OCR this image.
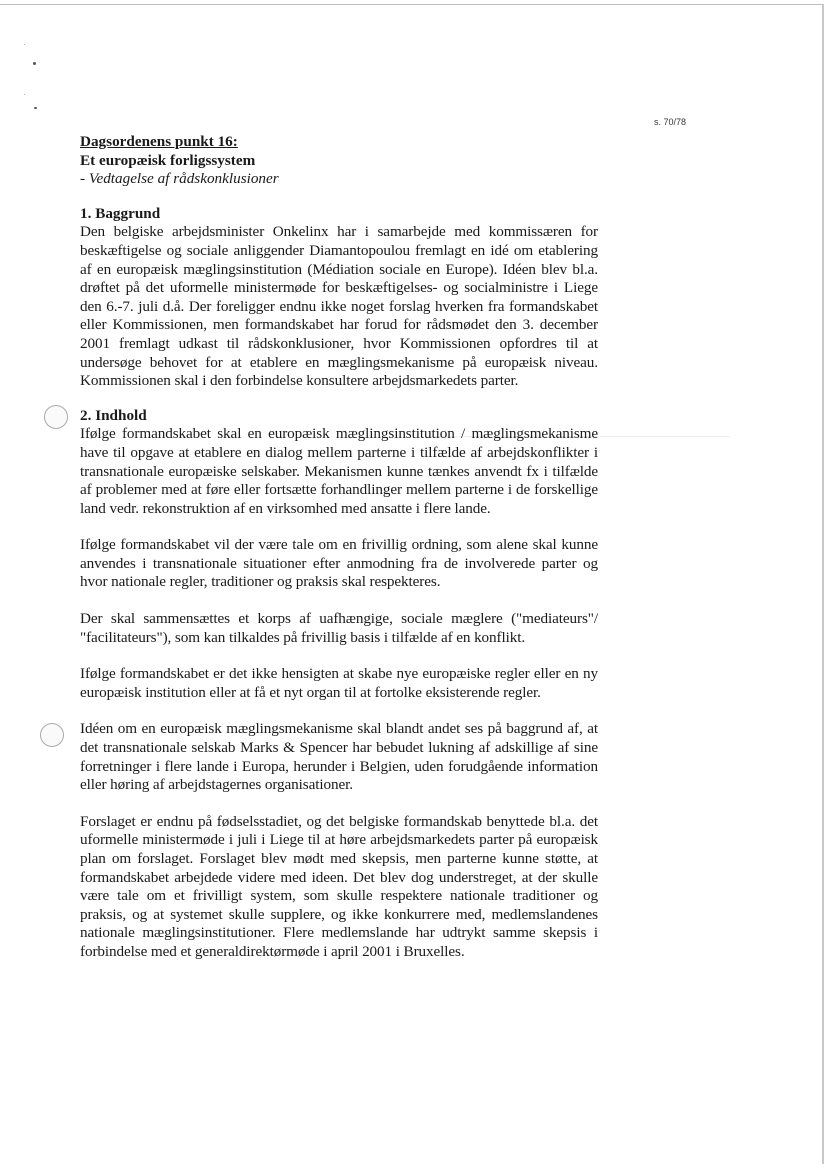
s. 70/78

Dagsordenens punkt 16:

Et europæisk forligssystem

- Vedtagelse af rådskonklusioner

1. Baggrund

Den belgiske arbejdsminister Onkelinx har i samarbejde med kommissæren for beskæftigelse og sociale anliggender Diamantopoulou fremlagt en idé om etablering af en europæisk mæglingsinstitution (Médiation sociale en Europe). Idéen blev bl.a. drøftet på det uformelle ministermøde for beskæftigelses- og socialministre i Liege den 6.-7. juli d.å. Der foreligger endnu ikke noget forslag hverken fra formandskabet eller Kommissionen, men formandskabet har forud for rådsmødet den 3. december 2001 fremlagt udkast til rådskonklusioner, hvor Kommissionen opfordres til at undersøge behovet for at etablere en mæglingsmekanisme på europæisk niveau. Kommissionen skal i den forbindelse konsultere arbejdsmarkedets parter.

2. Indhold

Ifølge formandskabet skal en europæisk mæglingsinstitution / mæglingsmekanisme have til opgave at etablere en dialog mellem parterne i tilfælde af arbejdskonflikter i transnationale europæiske selskaber. Mekanismen kunne tænkes anvendt fx i tilfælde af problemer med at føre eller fortsætte forhandlinger mellem parterne i de forskellige land vedr. rekonstruktion af en virksomhed med ansatte i flere lande.

Ifølge formandskabet vil der være tale om en frivillig ordning, som alene skal kunne anvendes i transnationale situationer efter anmodning fra de involverede parter og hvor nationale regler, traditioner og praksis skal respekteres.

Der skal sammensættes et korps af uafhængige, sociale mæglere ("mediateurs"/ "facilitateurs"), som kan tilkaldes på frivillig basis i tilfælde af en konflikt.

Ifølge formandskabet er det ikke hensigten at skabe nye europæiske regler eller en ny europæisk institution eller at få et nyt organ til at fortolke eksisterende regler.

Idéen om en europæisk mæglingsmekanisme skal blandt andet ses på baggrund af, at det transnationale selskab Marks & Spencer har bebudet lukning af adskillige af sine forretninger i flere lande i Europa, herunder i Belgien, uden forudgående information eller høring af arbejdstagernes organisationer.

Forslaget er endnu på fødselsstadiet, og det belgiske formandskab benyttede bl.a. det uformelle ministermøde i juli i Liege til at høre arbejdsmarkedets parter på europæisk plan om forslaget. Forslaget blev mødt med skepsis, men parterne kunne støtte, at formandskabet arbejdede videre med ideen. Det blev dog understreget, at der skulle være tale om et frivilligt system, som skulle respektere nationale traditioner og praksis, og at systemet skulle supplere, og ikke konkurrere med, medlemslandenes nationale mæglingsinstitutioner. Flere medlemslande har udtrykt samme skepsis i forbindelse med et generaldirektørmøde i april 2001 i Bruxelles.
